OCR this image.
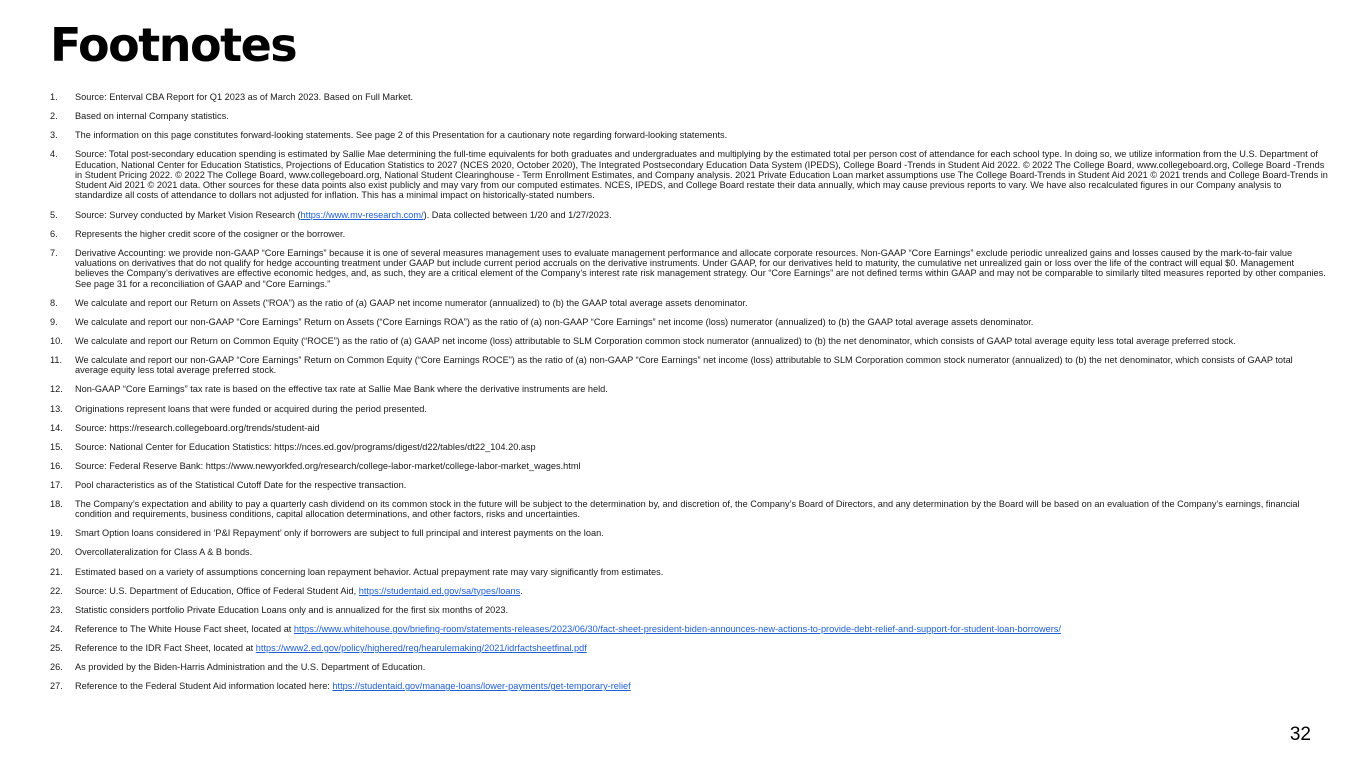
Footnotes
1.	Source: Enterval CBA Report for Q1 2023 as of March 2023. Based on Full Market.
2.	Based on internal Company statistics.
3.	The information on this page constitutes forward-looking statements. See page 2 of this Presentation for a cautionary note regarding forward-looking statements.
4.	Source: Total post-secondary education spending is estimated by Sallie Mae determining the full-time equivalents for both graduates and undergraduates and multiplying by the estimated total per person cost of attendance for each school type. In doing so, we utilize information from the U.S. Department of Education, National Center for Education Statistics, Projections of Education Statistics to 2027 (NCES 2020, October 2020), The Integrated Postsecondary Education Data System (IPEDS), College Board -Trends in Student Aid 2022. © 2022 The College Board, www.collegeboard.org, College Board -Trends in Student Pricing 2022. © 2022 The College Board, www.collegeboard.org, National Student Clearinghouse - Term Enrollment Estimates, and Company analysis. 2021 Private Education Loan market assumptions use The College Board-Trends in Student Aid 2021 © 2021 trends and College Board-Trends in Student Aid 2021 © 2021 data. Other sources for these data points also exist publicly and may vary from our computed estimates. NCES, IPEDS, and College Board restate their data annually, which may cause previous reports to vary. We have also recalculated figures in our Company analysis to standardize all costs of attendance to dollars not adjusted for inflation. This has a minimal impact on historically-stated numbers.
5.	Source: Survey conducted by Market Vision Research (https://www.mv-research.com/). Data collected between 1/20 and 1/27/2023.
6.	Represents the higher credit score of the cosigner or the borrower.
7.	Derivative Accounting: we provide non-GAAP “Core Earnings” because it is one of several measures management uses to evaluate management performance and allocate corporate resources. Non-GAAP “Core Earnings” exclude periodic unrealized gains and losses caused by the mark-to-fair value valuations on derivatives that do not qualify for hedge accounting treatment under GAAP but include current period accruals on the derivative instruments. Under GAAP, for our derivatives held to maturity, the cumulative net unrealized gain or loss over the life of the contract will equal $0. Management believes the Company’s derivatives are effective economic hedges, and, as such, they are a critical element of the Company’s interest rate risk management strategy. Our “Core Earnings” are not defined terms within GAAP and may not be comparable to similarly tilted measures reported by other companies. See page 31 for a reconciliation of GAAP and “Core Earnings.”
8.	We calculate and report our Return on Assets (“ROA”) as the ratio of (a) GAAP net income numerator (annualized) to (b) the GAAP total average assets denominator.
9.	We calculate and report our non-GAAP “Core Earnings” Return on Assets (“Core Earnings ROA”) as the ratio of (a) non-GAAP “Core Earnings” net income (loss) numerator (annualized) to (b) the GAAP total average assets denominator.
10.	We calculate and report our Return on Common Equity (“ROCE”) as the ratio of (a) GAAP net income (loss) attributable to SLM Corporation common stock numerator (annualized) to (b) the net denominator, which consists of GAAP total average equity less total average preferred stock.
11.	We calculate and report our non-GAAP “Core Earnings” Return on Common Equity (“Core Earnings ROCE”) as the ratio of (a) non-GAAP “Core Earnings” net income (loss) attributable to SLM Corporation common stock numerator (annualized) to (b) the net denominator, which consists of GAAP total average equity less total average preferred stock.
12.	Non-GAAP “Core Earnings” tax rate is based on the effective tax rate at Sallie Mae Bank where the derivative instruments are held.
13.	Originations represent loans that were funded or acquired during the period presented.
14.	Source: https://research.collegeboard.org/trends/student-aid
15.	Source: National Center for Education Statistics: https://nces.ed.gov/programs/digest/d22/tables/dt22_104.20.asp
16.	Source: Federal Reserve Bank: https://www.newyorkfed.org/research/college-labor-market/college-labor-market_wages.html
17.	Pool characteristics as of the Statistical Cutoff Date for the respective transaction.
18.	The Company’s expectation and ability to pay a quarterly cash dividend on its common stock in the future will be subject to the determination by, and discretion of, the Company’s Board of Directors, and any determination by the Board will be based on an evaluation of the Company’s earnings, financial condition and requirements, business conditions, capital allocation determinations, and other factors, risks and uncertainties.
19.	Smart Option loans considered in ‘P&I Repayment’ only if borrowers are subject to full principal and interest payments on the loan.
20.	Overcollateralization for Class A & B bonds.
21.	Estimated based on a variety of assumptions concerning loan repayment behavior. Actual prepayment rate may vary significantly from estimates.
22.	Source: U.S. Department of Education, Office of Federal Student Aid, https://studentaid.ed.gov/sa/types/loans.
23.	Statistic considers portfolio Private Education Loans only and is annualized for the first six months of 2023.
24.	Reference to The White House Fact sheet, located at https://www.whitehouse.gov/briefing-room/statements-releases/2023/06/30/fact-sheet-president-biden-announces-new-actions-to-provide-debt-relief-and-support-for-student-loan-borrowers/
25.	Reference to the IDR Fact Sheet, located at https://www2.ed.gov/policy/highered/reg/hearulemaking/2021/idrfactsheetfinal.pdf
26.	As provided by the Biden-Harris Administration and the U.S. Department of Education.
27.	Reference to the Federal Student Aid information located here: https://studentaid.gov/manage-loans/lower-payments/get-temporary-relief
32
